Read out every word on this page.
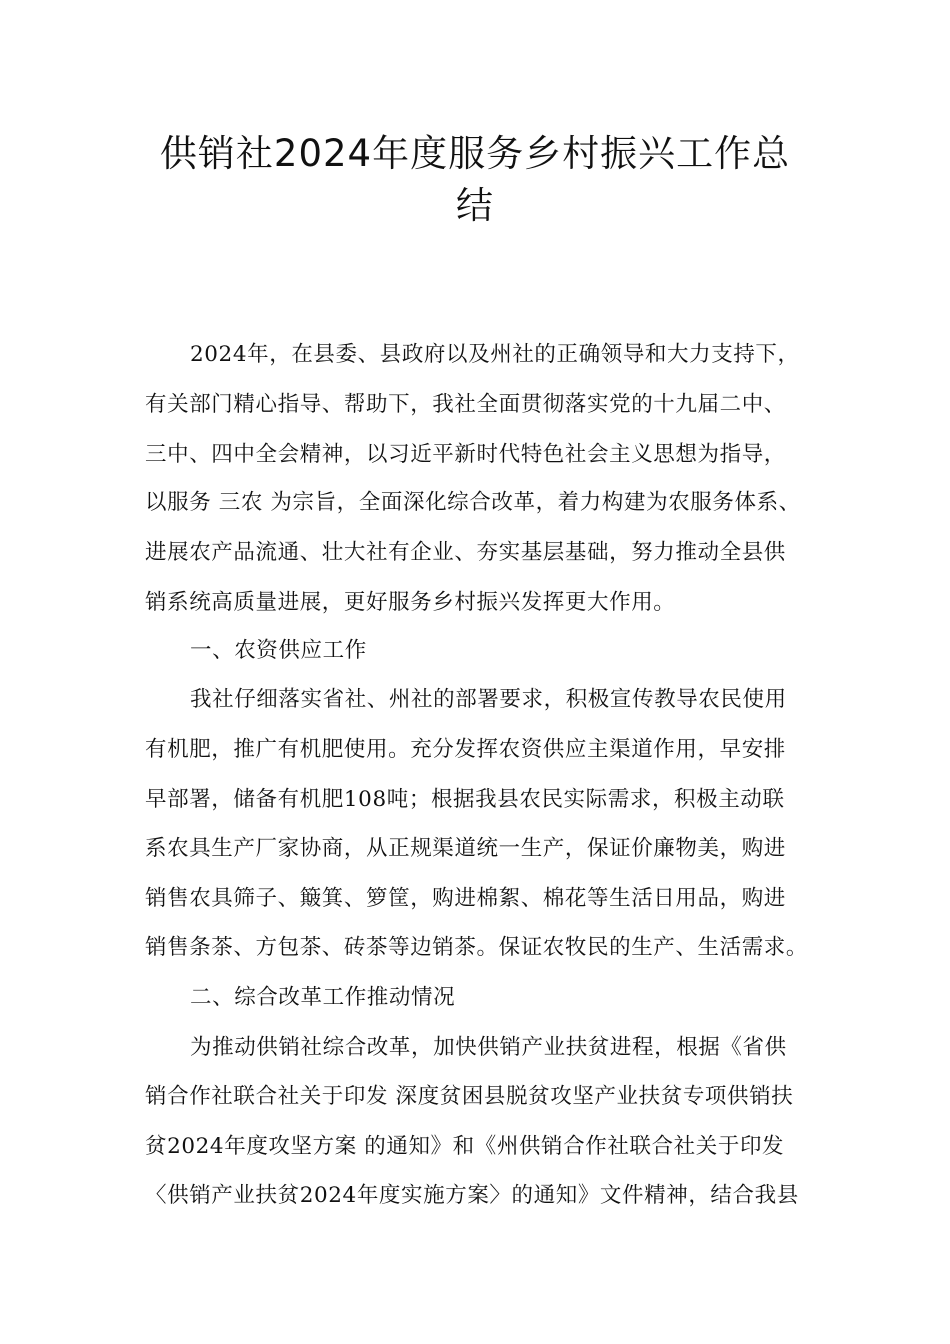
供销社2024年度服务乡村振兴工作总结
2024年，在县委、县政府以及州社的正确领导和大力支持下，
有关部门精心指导、帮助下，我社全面贯彻落实党的十九届二中、
三中、四中全会精神，以习近平新时代特色社会主义思想为指导，
以服务 三农 为宗旨，全面深化综合改革，着力构建为农服务体系、
进展农产品流通、壮大社有企业、夯实基层基础，努力推动全县供
销系统高质量进展，更好服务乡村振兴发挥更大作用。
一、农资供应工作
我社仔细落实省社、州社的部署要求，积极宣传教导农民使用
有机肥，推广有机肥使用。充分发挥农资供应主渠道作用，早安排
早部署，储备有机肥108吨；根据我县农民实际需求，积极主动联
系农具生产厂家协商，从正规渠道统一生产，保证价廉物美，购进
销售农具筛子、簸箕、箩筐，购进棉絮、棉花等生活日用品，购进
销售条茶、方包茶、砖茶等边销茶。保证农牧民的生产、生活需求。
二、综合改革工作推动情况
为推动供销社综合改革，加快供销产业扶贫进程，根据《省供
销合作社联合社关于印发 深度贫困县脱贫攻坚产业扶贫专项供销扶
贫2024年度攻坚方案 的通知》和《州供销合作社联合社关于印发
〈供销产业扶贫2024年度实施方案〉的通知》文件精神，结合我县
